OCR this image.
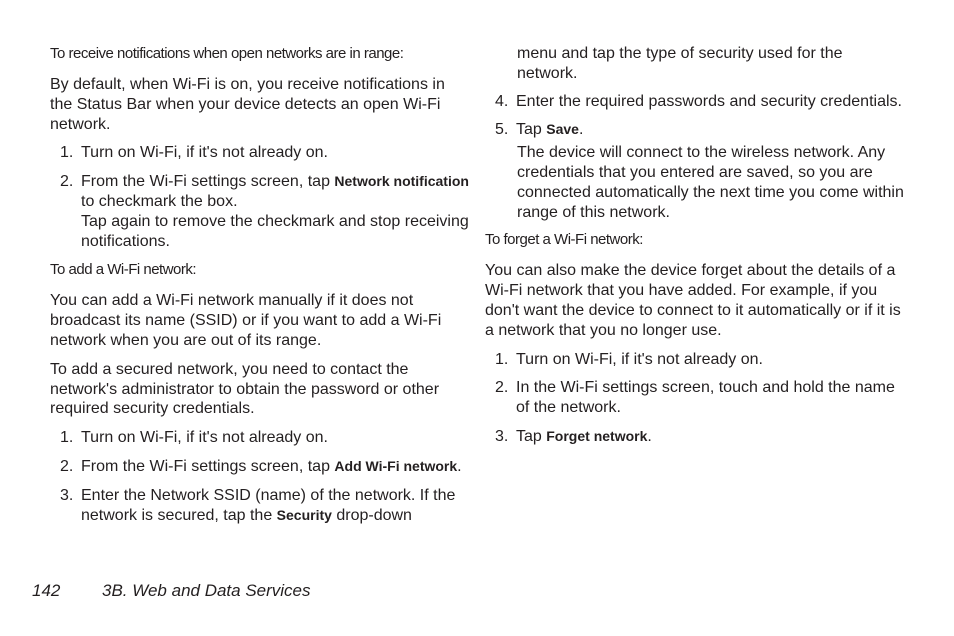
To receive notifications when open networks are in range:

By default, when Wi-Fi is on, you receive notifications in the Status Bar when your device detects an open Wi-Fi network.

1. Turn on Wi-Fi, if it's not already on.
2. From the Wi-Fi settings screen, tap Network notification to checkmark the box.
Tap again to remove the checkmark and stop receiving notifications.

To add a Wi-Fi network:

You can add a Wi-Fi network manually if it does not broadcast its name (SSID) or if you want to add a Wi-Fi network when you are out of its range.

To add a secured network, you need to contact the network's administrator to obtain the password or other required security credentials.

1. Turn on Wi-Fi, if it's not already on.
2. From the Wi-Fi settings screen, tap Add Wi-Fi network.
3. Enter the Network SSID (name) of the network. If the network is secured, tap the Security drop-down

menu and tap the type of security used for the network.

4. Enter the required passwords and security credentials.
5. Tap Save.

The device will connect to the wireless network. Any credentials that you entered are saved, so you are connected automatically the next time you come within range of this network.

To forget a Wi-Fi network:

You can also make the device forget about the details of a Wi-Fi network that you have added. For example, if you don't want the device to connect to it automatically or if it is a network that you no longer use.

1. Turn on Wi-Fi, if it's not already on.
2. In the Wi-Fi settings screen, touch and hold the name of the network.
3. Tap Forget network.
142 3B. Web and Data Services
